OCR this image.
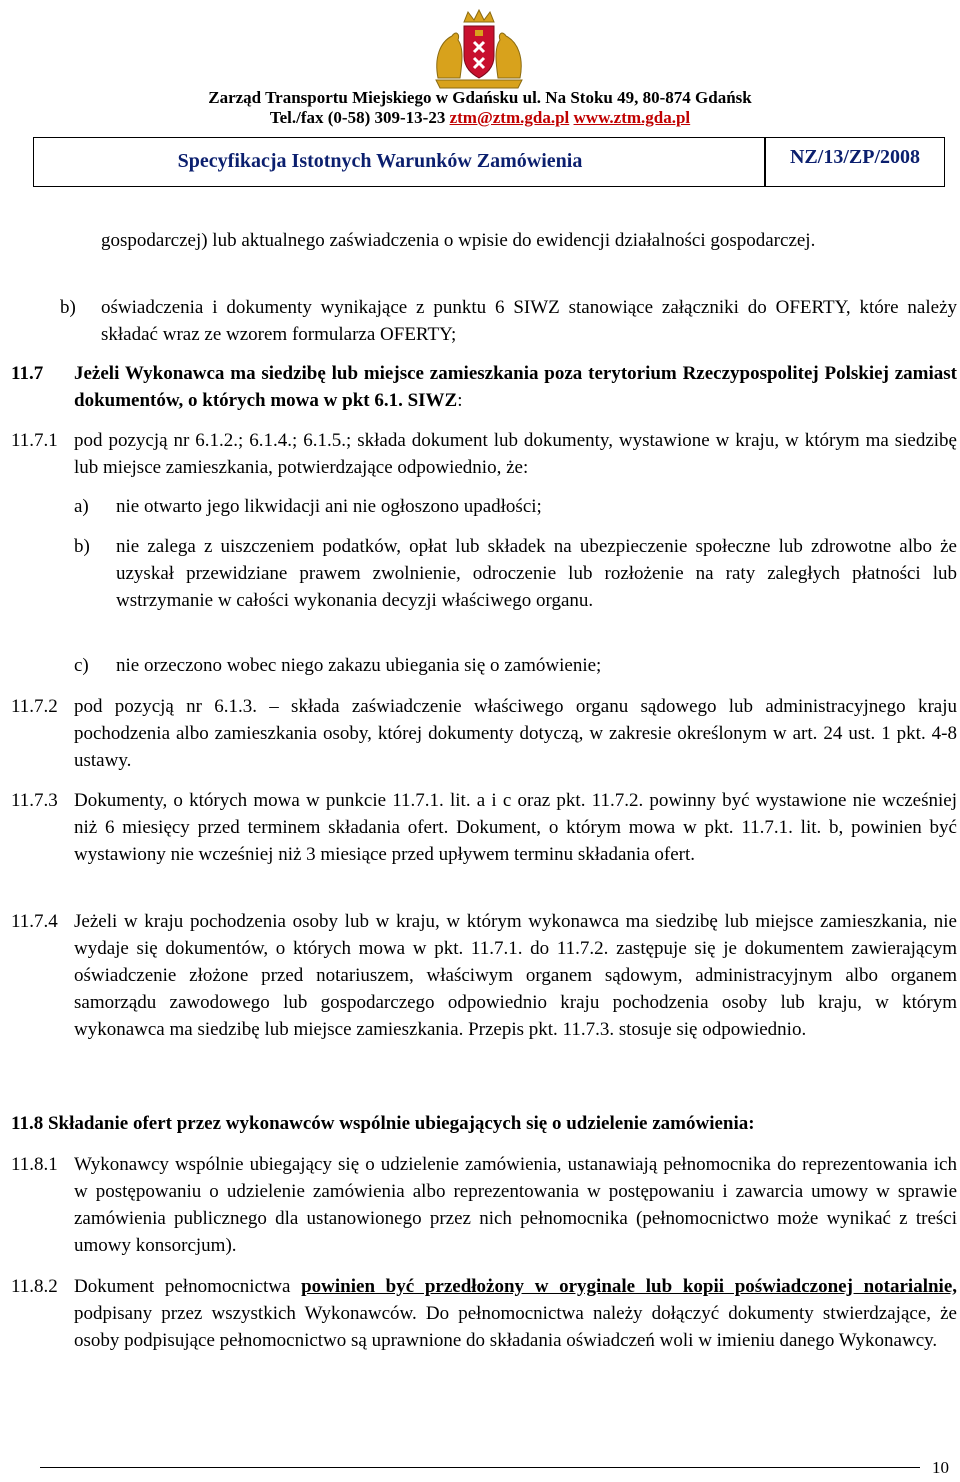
Zarząd Transportu Miejskiego w Gdańsku ul. Na Stoku 49, 80-874 Gdańsk
Tel./fax (0-58) 309-13-23 ztm@ztm.gda.pl www.ztm.gda.pl
Specyfikacja Istotnych Warunków Zamówienia	NZ/13/ZP/2008

gospodarczej) lub aktualnego zaświadczenia o wpisie do ewidencji działalności gospodarczej.

b) oświadczenia i dokumenty wynikające z punktu 6 SIWZ stanowiące załączniki do OFERTY, które należy składać wraz ze wzorem formularza OFERTY;

11.7 Jeżeli Wykonawca ma siedzibę lub miejsce zamieszkania poza terytorium Rzeczypospolitej Polskiej zamiast dokumentów, o których mowa w pkt 6.1. SIWZ:

11.7.1 pod pozycją nr 6.1.2.; 6.1.4.; 6.1.5.; składa dokument lub dokumenty, wystawione w kraju, w którym ma siedzibę lub miejsce zamieszkania, potwierdzające odpowiednio, że:

a) nie otwarto jego likwidacji ani nie ogłoszono upadłości;

b) nie zalega z uiszczeniem podatków, opłat lub składek na ubezpieczenie społeczne lub zdrowotne albo że uzyskał przewidziane prawem zwolnienie, odroczenie lub rozłożenie na raty zaległych płatności lub wstrzymanie w całości wykonania decyzji właściwego organu.

c) nie orzeczono wobec niego zakazu ubiegania się o zamówienie;

11.7.2 pod pozycją nr 6.1.3. – składa zaświadczenie właściwego organu sądowego lub administracyjnego kraju pochodzenia albo zamieszkania osoby, której dokumenty dotyczą, w zakresie określonym w art. 24 ust. 1 pkt. 4-8 ustawy.

11.7.3 Dokumenty, o których mowa w punkcie 11.7.1. lit. a i c oraz pkt. 11.7.2. powinny być wystawione nie wcześniej niż 6 miesięcy przed terminem składania ofert. Dokument, o którym mowa w pkt. 11.7.1. lit. b, powinien być wystawiony nie wcześniej niż 3 miesiące przed upływem terminu składania ofert.

11.7.4 Jeżeli w kraju pochodzenia osoby lub w kraju, w którym wykonawca ma siedzibę lub miejsce zamieszkania, nie wydaje się dokumentów, o których mowa w pkt. 11.7.1. do 11.7.2. zastępuje się je dokumentem zawierającym oświadczenie złożone przed notariuszem, właściwym organem sądowym, administracyjnym albo organem samorządu zawodowego lub gospodarczego odpowiednio kraju pochodzenia osoby lub kraju, w którym wykonawca ma siedzibę lub miejsce zamieszkania. Przepis pkt. 11.7.3. stosuje się odpowiednio.

11.8 Składanie ofert przez wykonawców wspólnie ubiegających się o udzielenie zamówienia:

11.8.1 Wykonawcy wspólnie ubiegający się o udzielenie zamówienia, ustanawiają pełnomocnika do reprezentowania ich w postępowaniu o udzielenie zamówienia albo reprezentowania w postępowaniu i zawarcia umowy w sprawie zamówienia publicznego dla ustanowionego przez nich pełnomocnika (pełnomocnictwo może wynikać z treści umowy konsorcjum).

11.8.2 Dokument pełnomocnictwa powinien być przedłożony w oryginale lub kopii poświadczonej notarialnie, podpisany przez wszystkich Wykonawców. Do pełnomocnictwa należy dołączyć dokumenty stwierdzające, że osoby podpisujące pełnomocnictwo są uprawnione do składania oświadczeń woli w imieniu danego Wykonawcy.

10
